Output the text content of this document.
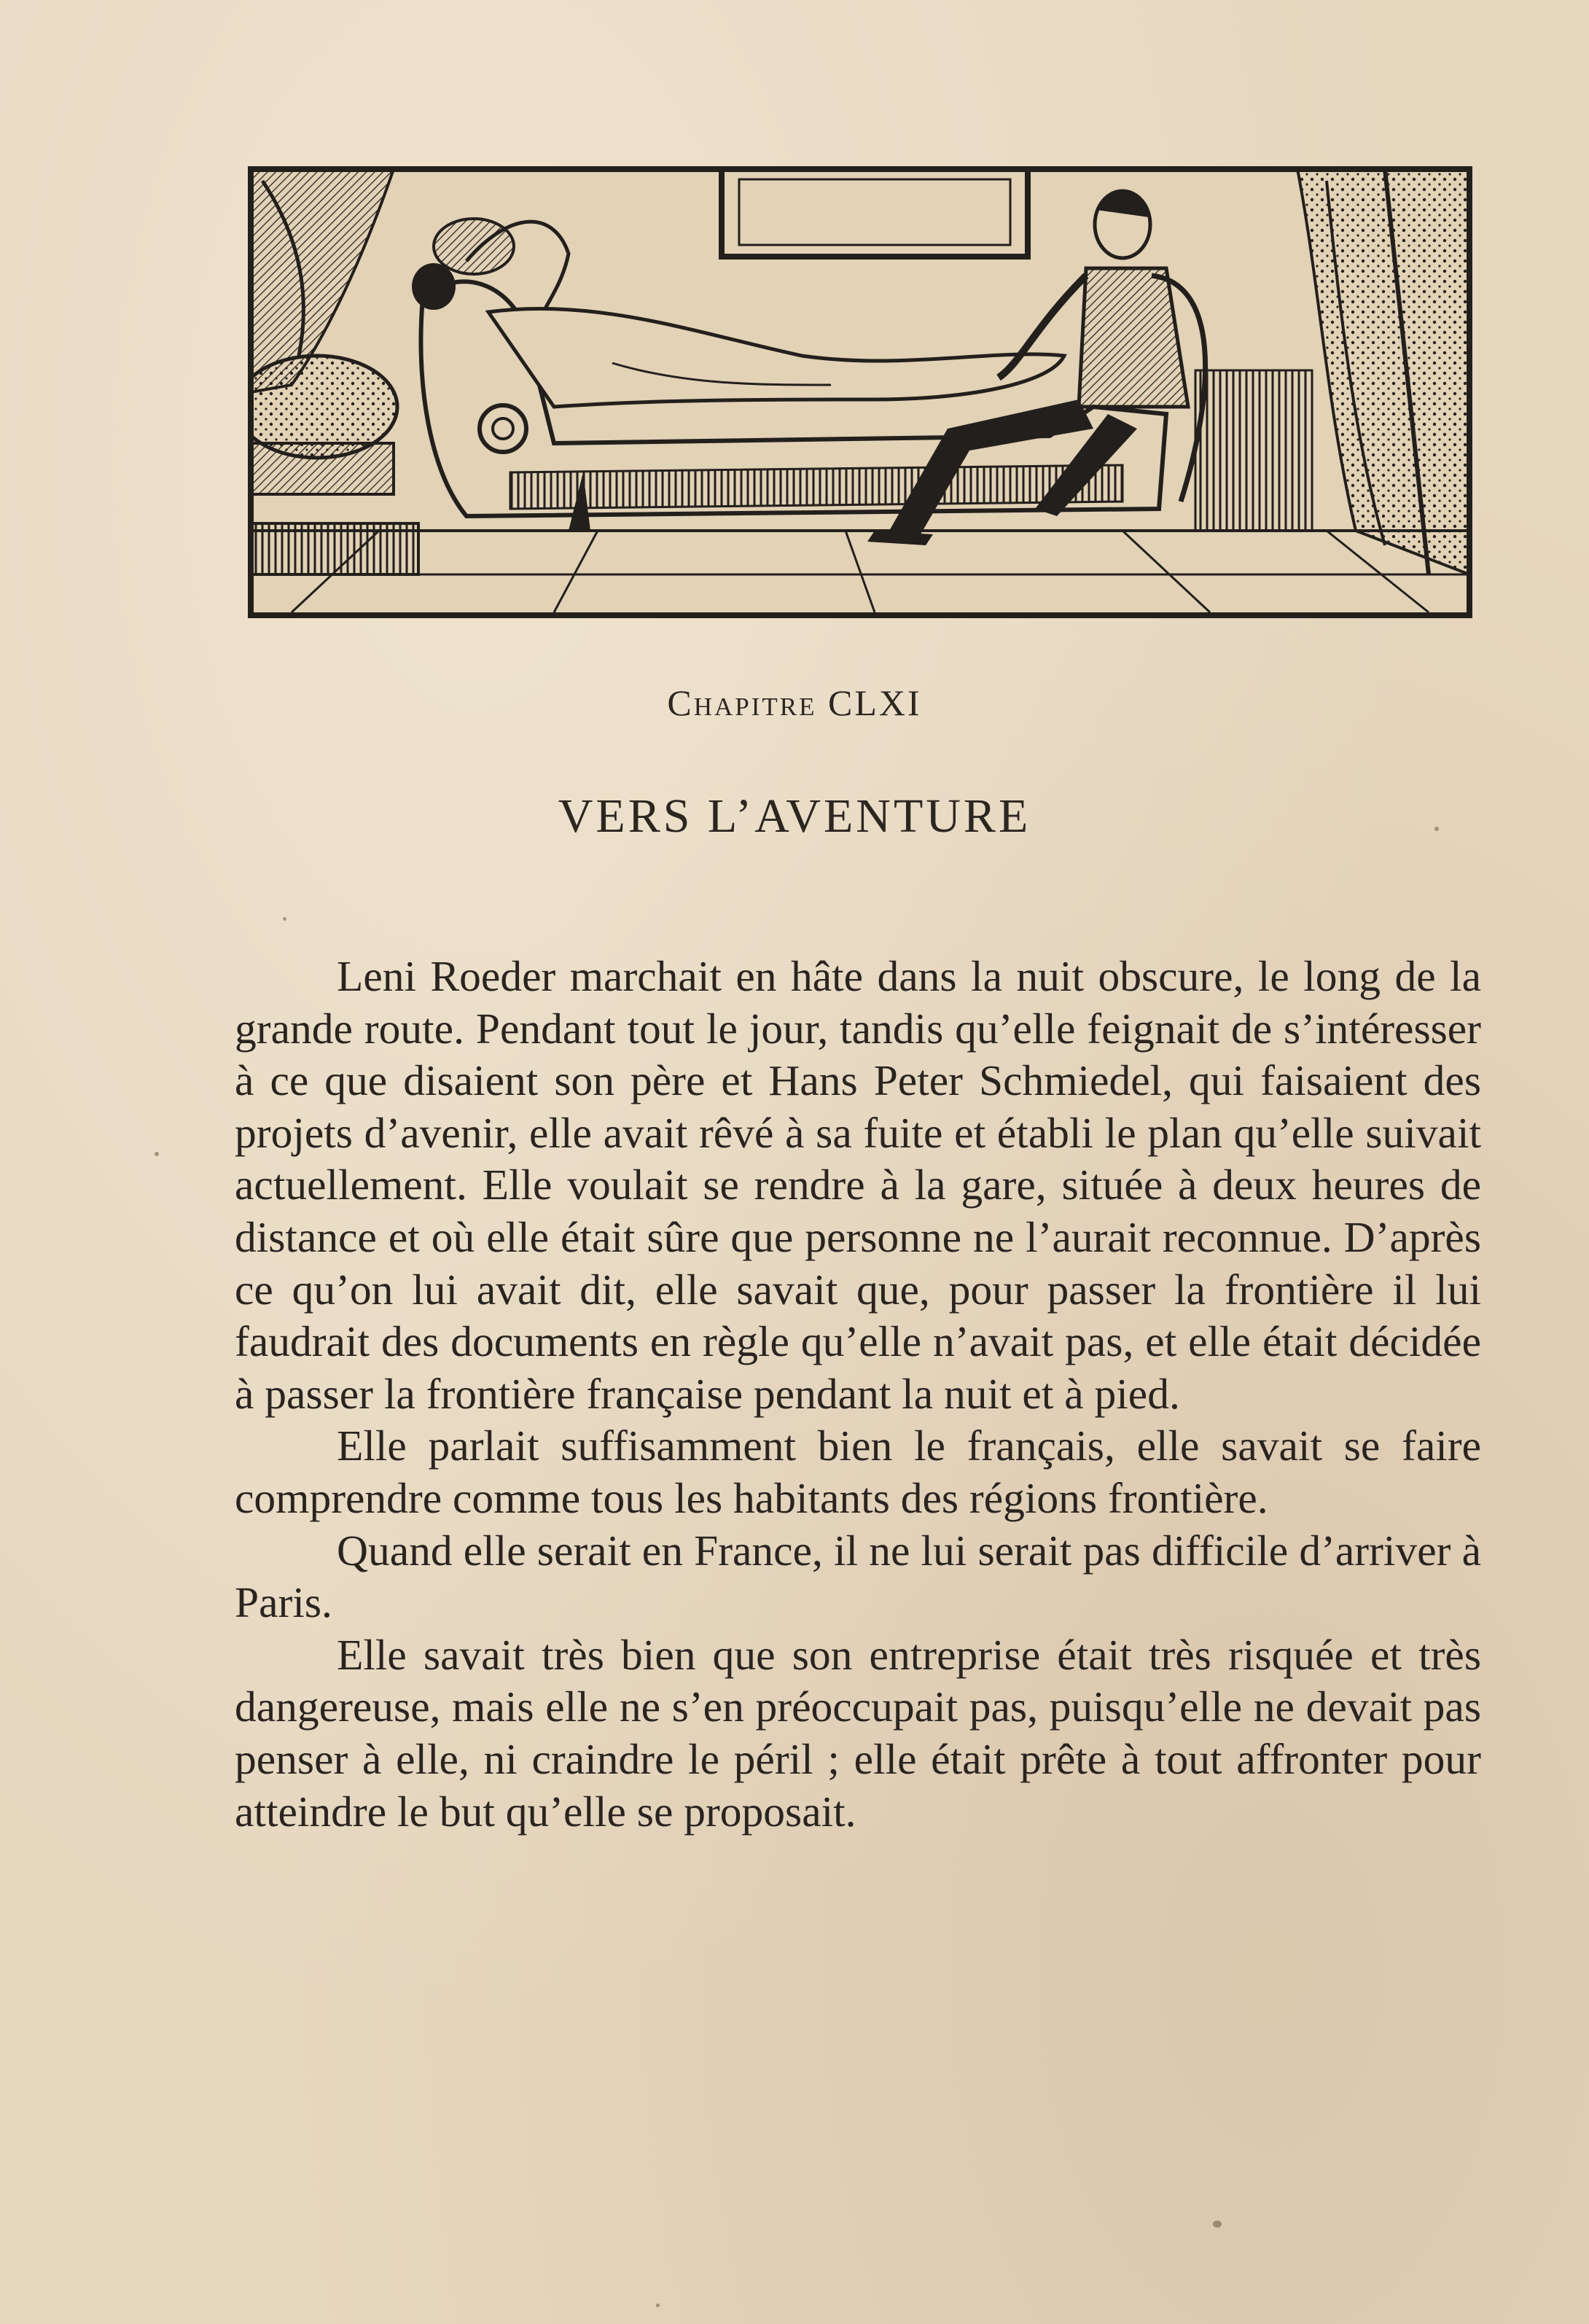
Chapitre CLXI
VERS L’AVENTURE

Leni Roeder marchait en hâte dans la nuit obscure, le long de la grande route. Pendant tout le jour, tandis qu’elle feignait de s’intéresser à ce que disaient son père et Hans Peter Schmiedel, qui faisaient des projets d’avenir, elle avait rêvé à sa fuite et établi le plan qu’elle suivait actuellement. Elle voulait se rendre à la gare, située à deux heures de distance et où elle était sûre que personne ne l’aurait reconnue. D’après ce qu’on lui avait dit, elle savait que, pour passer la frontière il lui faudrait des documents en règle qu’elle n’avait pas, et elle était décidée à passer la frontière française pendant la nuit et à pied.

Elle parlait suffisamment bien le français, elle savait se faire comprendre comme tous les habitants des régions frontière.

Quand elle serait en France, il ne lui serait pas difficile d’arriver à Paris.

Elle savait très bien que son entreprise était très risquée et très dangereuse, mais elle ne s’en préoccupait pas, puisqu’elle ne devait pas penser à elle, ni craindre le péril ; elle était prête à tout affronter pour atteindre le but qu’elle se proposait.
